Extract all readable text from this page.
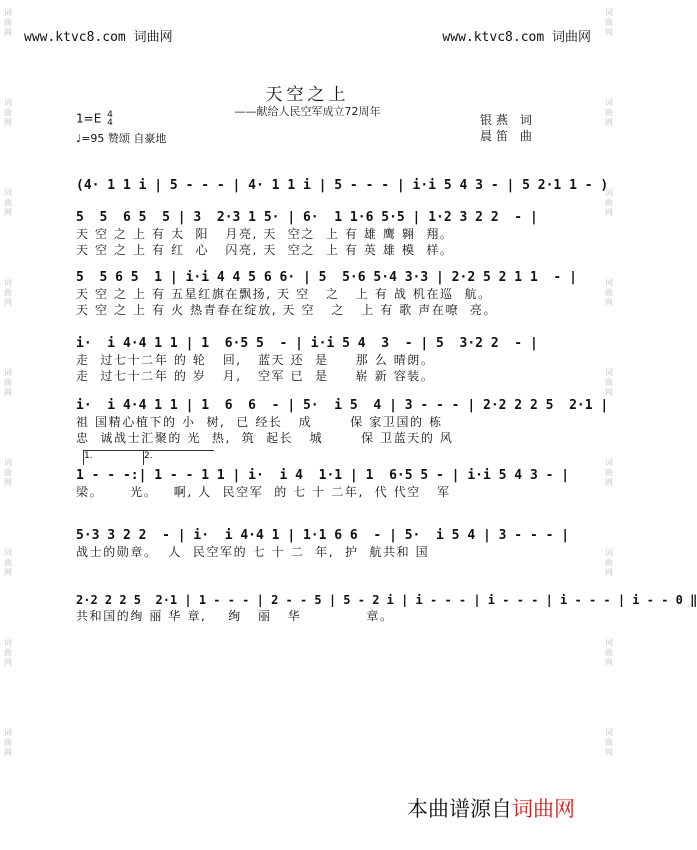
词
曲
网
词
曲
网
词
曲
网
词
曲
网
词
曲
网
词
曲
网
词
曲
网
词
曲
网
词
曲
网
词
曲
网
词
曲
网
词
曲
网
词
曲
网
词
曲
网
词
曲
网
词
曲
网
词
曲
网
词
曲
网
www.ktvc8.com 词曲网	www.ktvc8.com 词曲网
天空之上
——献给人民空军成立72周年
1=E 4
4
♩=95 赞颂 自豪地
银燕 词
晨笛 曲
(4· 1 1 i | 5 - - - | 4· 1 1 i | 5 - - - | i·i 5 4 3 - | 5 2·1 1 - )
5  5  6 5  5 | 3  2·3 1 5· | 6·  1 1·6 5·5 | 1·2 3 2 2  - |
天 空 之 上 有 太  阳   月亮, 天  空之  上 有 雄 鹰 翱  翔。
天 空 之 上 有 红  心   闪亮, 天  空之  上 有 英 雄 模  样。
5  5 6 5  1 | i·i 4 4 5 6 6· | 5  5·6 5·4 3·3 | 2·2 5 2 1 1  - |
天 空 之 上 有 五星红旗在飘扬, 天 空   之   上 有 战 机在巡  航。
天 空 之 上 有 火 热青春在绽放, 天 空   之   上 有 歌 声在嘹  亮。
i·  i 4·4 1 1 | 1  6·5 5  - | i·i 5 4  3  - | 5  3·2 2  - |
走  过七十二年 的 轮   回,   蓝天 还  是     那 么 晴朗。
走  过七十二年 的 岁   月,   空军 已  是     崭 新 容装。
i·  i 4·4 1 1 | 1  6  6  - | 5·  i 5  4 | 3 - - - | 2·2 2 2 5  2·1 |
祖 国精心植下的 小  树,  已 经长   成       保 家卫国的 栋
忠  诚战士汇聚的 光  热,  筑  起长   城       保 卫蓝天的 风
1.	2.
1 - - -:| 1 - - 1 1 | i·  i 4  1·1 | 1  6·5 5 - | i·i 5 4 3 - |
梁。     光。   啊, 人  民空军  的 七 十 二年,  代 代空   军
5·3 3 2 2  - | i·  i 4·4 1 | 1·1 6 6  - | 5·  i 5 4 | 3 - - - |
战士的勋章。  人  民空军的 七 十 二  年,  护  航共和 国
2·2 2 2 5  2·1 | 1 - - - | 2 - - 5 | 5 - 2 i | i - - - | i - - - | i - - - | i - - 0 ‖
共和国的绚 丽 华 章,    绚   丽   华            章。
本曲谱源自词曲网
